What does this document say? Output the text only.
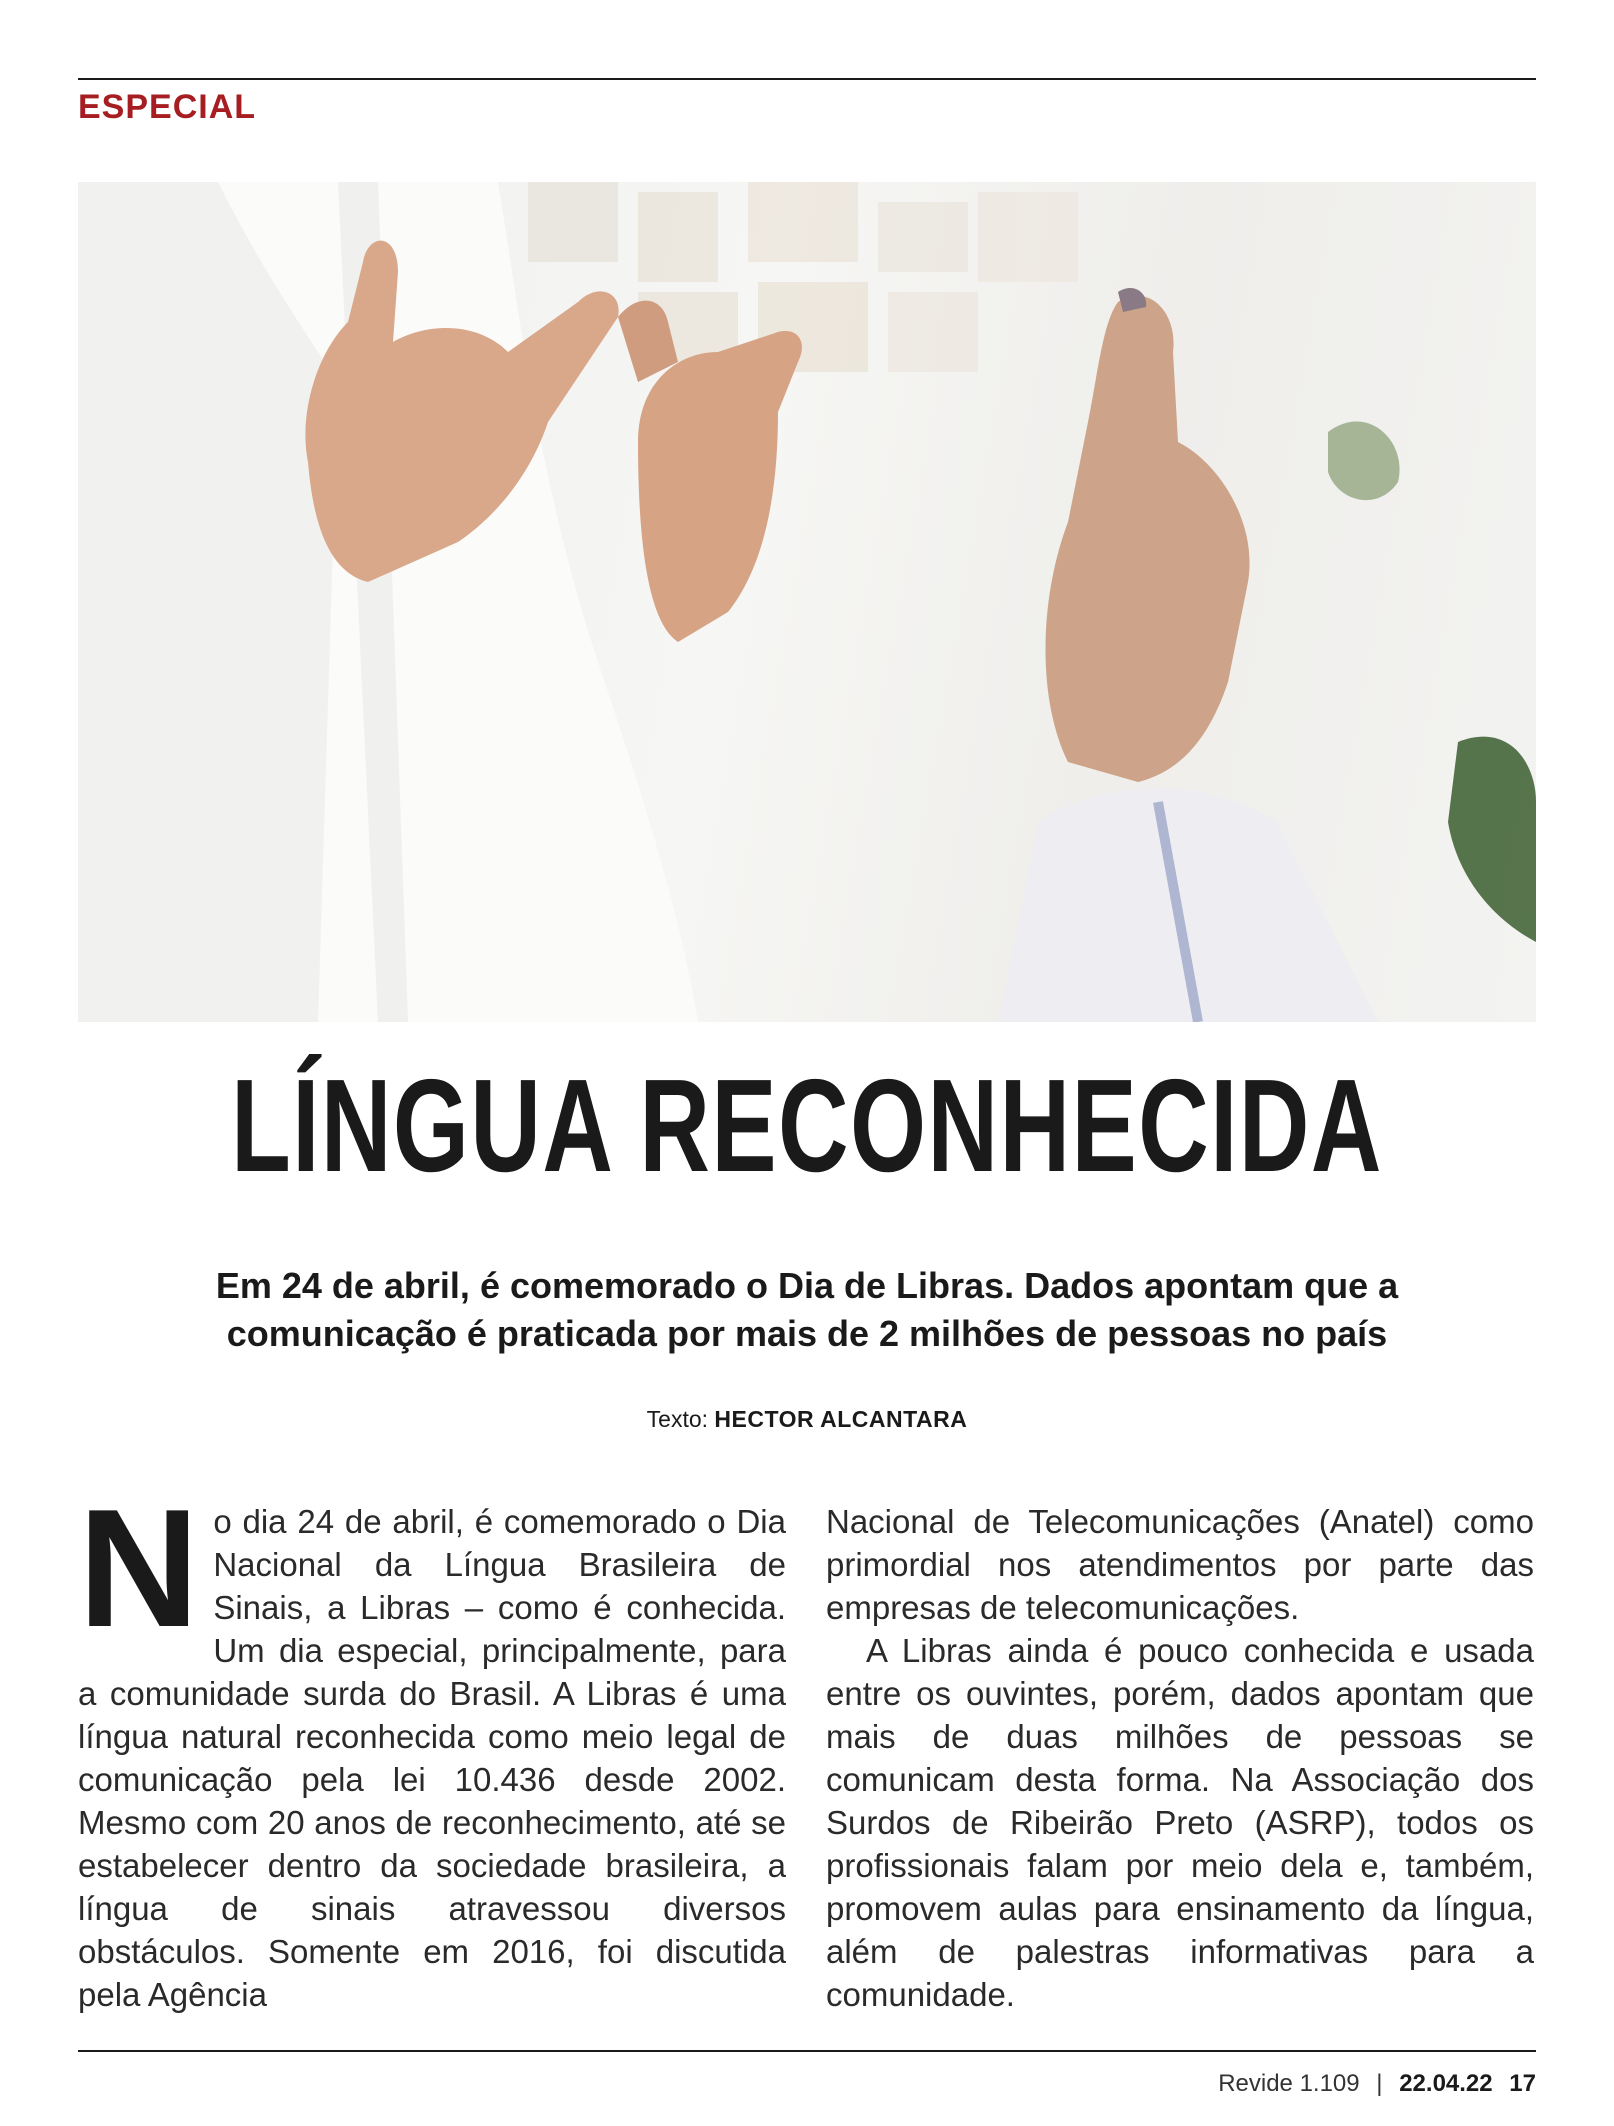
ESPECIAL
LÍNGUA RECONHECIDA
Em 24 de abril, é comemorado o Dia de Libras. Dados apontam que a comunicação é praticada por mais de 2 milhões de pessoas no país
Texto: HECTOR ALCANTARA

N o dia 24 de abril, é comemorado o Dia Nacional da Língua Brasileira de Sinais, a Libras – como é conhecida. Um dia especial, principalmente, para a comunidade surda do Brasil. A Libras é uma língua natural reconhecida como meio legal de comunicação pela lei 10.436 desde 2002. Mesmo com 20 anos de reconhecimento, até se estabelecer dentro da sociedade brasileira, a língua de sinais atravessou diversos obstáculos. Somente em 2016, foi discutida pela Agência

Nacional de Telecomunicações (Anatel) como primordial nos atendimentos por parte das empresas de telecomunicações.

A Libras ainda é pouco conhecida e usada entre os ouvintes, porém, dados apontam que mais de duas milhões de pessoas se comunicam desta forma. Na Associação dos Surdos de Ribeirão Preto (ASRP), todos os profissionais falam por meio dela e, também, promovem aulas para ensinamento da língua, além de palestras informativas para a comunidade.

Revide 1.109 | 22.04.22 17
